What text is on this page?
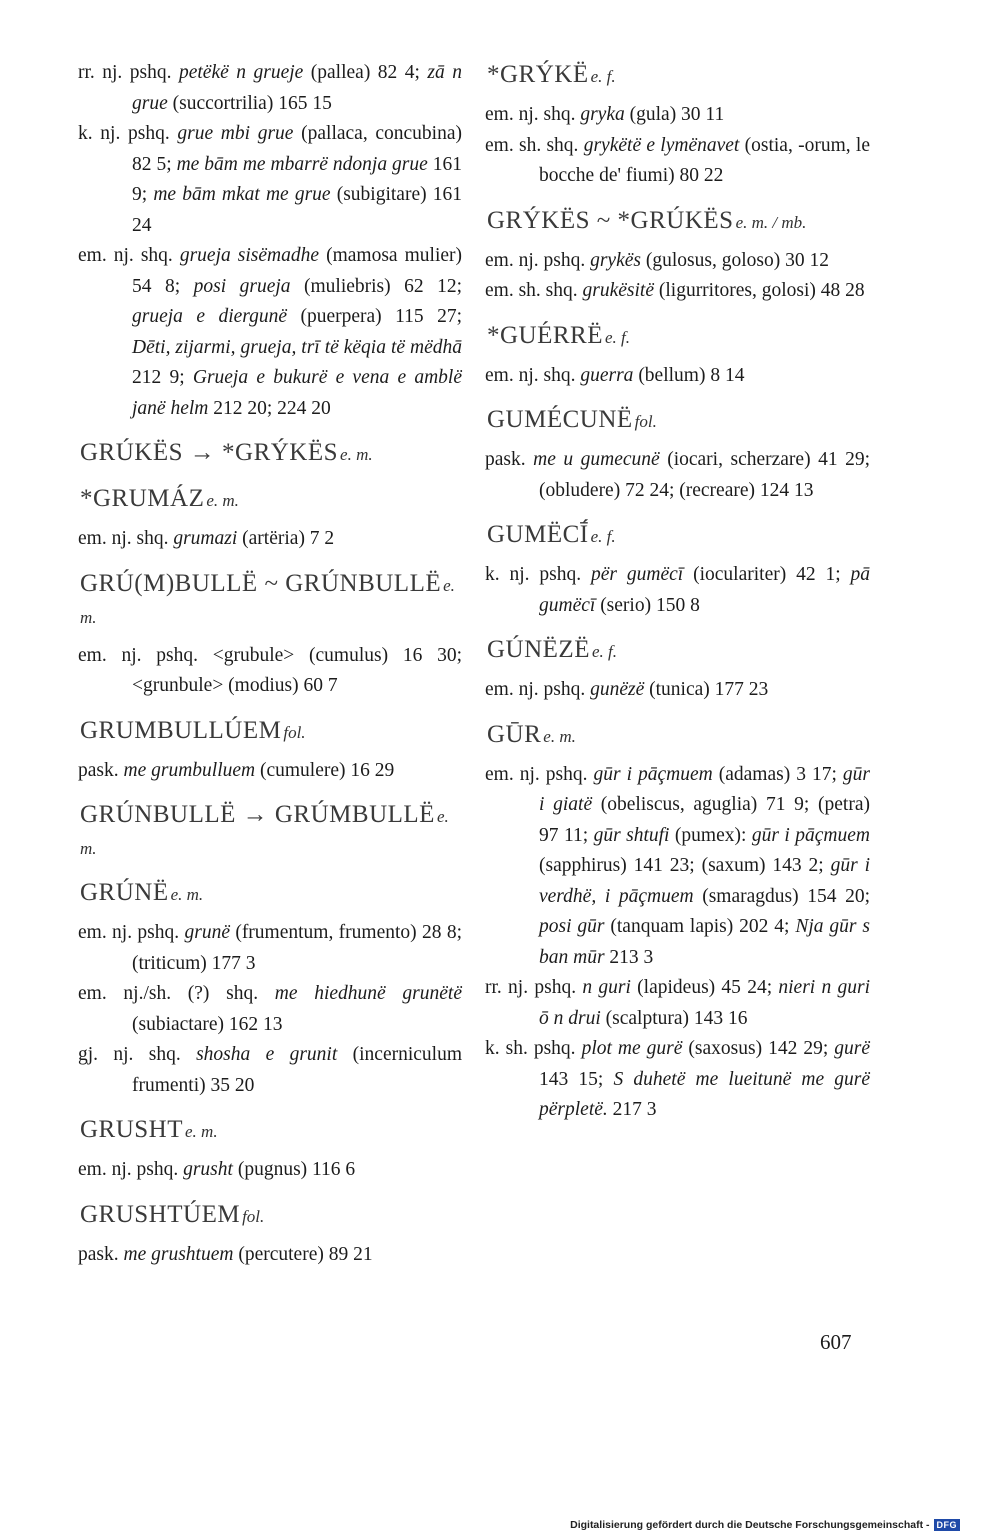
rr. nj. pshq. petëkë n grueje (pallea) 82 4; zā n grue (succortrilia) 165 15

k. nj. pshq. grue mbi grue (pallaca, concubina) 82 5; me bām me mbarrë ndonja grue 161 9; me bām mkat me grue (subigitare) 161 24

em. nj. shq. grueja sisëmadhe (mamosa mulier) 54 8; posi grueja (muliebris) 62 12; grueja e diergunë (puerpera) 115 27; Dēti, zijarmi, grueja, trī të këqia të mëdhā 212 9; Grueja e bukurë e vena e amblë janë helm 212 20; 224 20

GRÚKËS → *GRÝKËS e. m.
*GRUMÁZ e. m.

em. nj. shq. grumazi (artëria) 7 2

GRÚ(M)BULLË ~ GRÚNBULLË e. m.

em. nj. pshq. <grubule> (cumulus) 16 30; <grunbule> (modius) 60 7

GRUMBULLÚEM fol.

pask. me grumbulluem (cumulere) 16 29

GRÚNBULLË → GRÚMBULLË e. m.
GRÚNË e. m.

em. nj. pshq. grunë (frumentum, frumento) 28 8; (triticum) 177 3

em. nj./sh. (?) shq. me hiedhunë grunëtë (subiactare) 162 13

gj. nj. shq. shosha e grunit (incerniculum frumenti) 35 20

GRUSHT e. m.

em. nj. pshq. grusht (pugnus) 116 6

GRUSHTÚEM fol.

pask. me grushtuem (percutere) 89 21

*GRÝKË e. f.

em. nj. shq. gryka (gula) 30 11

em. sh. shq. grykëtë e lymënavet (ostia, -orum, le bocche de' fiumi) 80 22

GRÝKËS ~ *GRÚKËS e. m. / mb.

em. nj. pshq. grykës (gulosus, goloso) 30 12

em. sh. shq. grukësitë (ligurritores, golosi) 48 28

*GUÉRRË e. f.

em. nj. shq. guerra (bellum) 8 14

GUMÉCUNË fol.

pask. me u gumecunë (iocari, scherzare) 41 29; (obludere) 72 24; (recreare) 124 13

GUMËCĪ́ e. f.

k. nj. pshq. për gumëcī (ioculariter) 42 1; pā gumëcī (serio) 150 8

GÚNËZË e. f.

em. nj. pshq. gunëzë (tunica) 177 23

GŪR e. m.

em. nj. pshq. gūr i pāçmuem (adamas) 3 17; gūr i giatë (obeliscus, aguglia) 71 9; (petra) 97 11; gūr shtufi (pumex): gūr i pāçmuem (sapphirus) 141 23; (saxum) 143 2; gūr i verdhë, i pāçmuem (smaragdus) 154 20; posi gūr (tanquam lapis) 202 4; Nja gūr s ban mūr 213 3

rr. nj. pshq. n guri (lapideus) 45 24; nieri n guri ō n drui (scalptura) 143 16

k. sh. pshq. plot me gurë (saxosus) 142 29; gurë 143 15; S duhetë me lueitunë me gurë përpletë. 217 3

607
Digitalisierung gefördert durch die Deutsche Forschungsgemeinschaft - DFG
